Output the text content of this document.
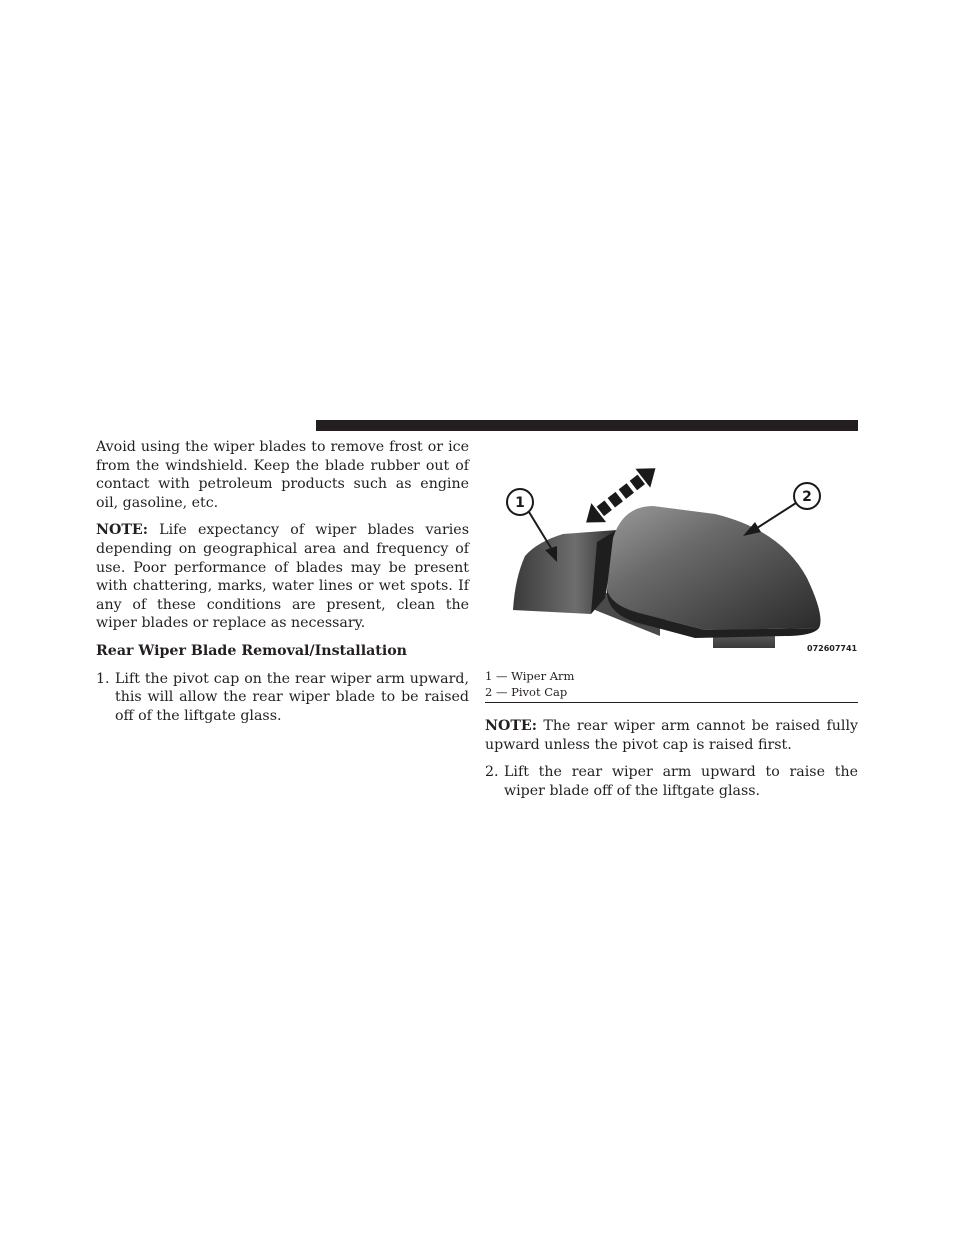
Avoid using the wiper blades to remove frost or ice from the windshield. Keep the blade rubber out of contact with petroleum products such as engine oil, gasoline, etc.

NOTE: Life expectancy of wiper blades varies depending on geographical area and frequency of use. Poor performance of blades may be present with chattering, marks, water lines or wet spots. If any of these conditions are present, clean the wiper blades or replace as necessary.

Rear Wiper Blade Removal/Installation
1. Lift the pivot cap on the rear wiper arm upward, this will allow the rear wiper blade to be raised off of the liftgate glass.
1	2
072607741
1 — Wiper Arm
2 — Pivot Cap

NOTE: The rear wiper arm cannot be raised fully upward unless the pivot cap is raised first.

2. Lift the rear wiper arm upward to raise the wiper blade off of the liftgate glass.
